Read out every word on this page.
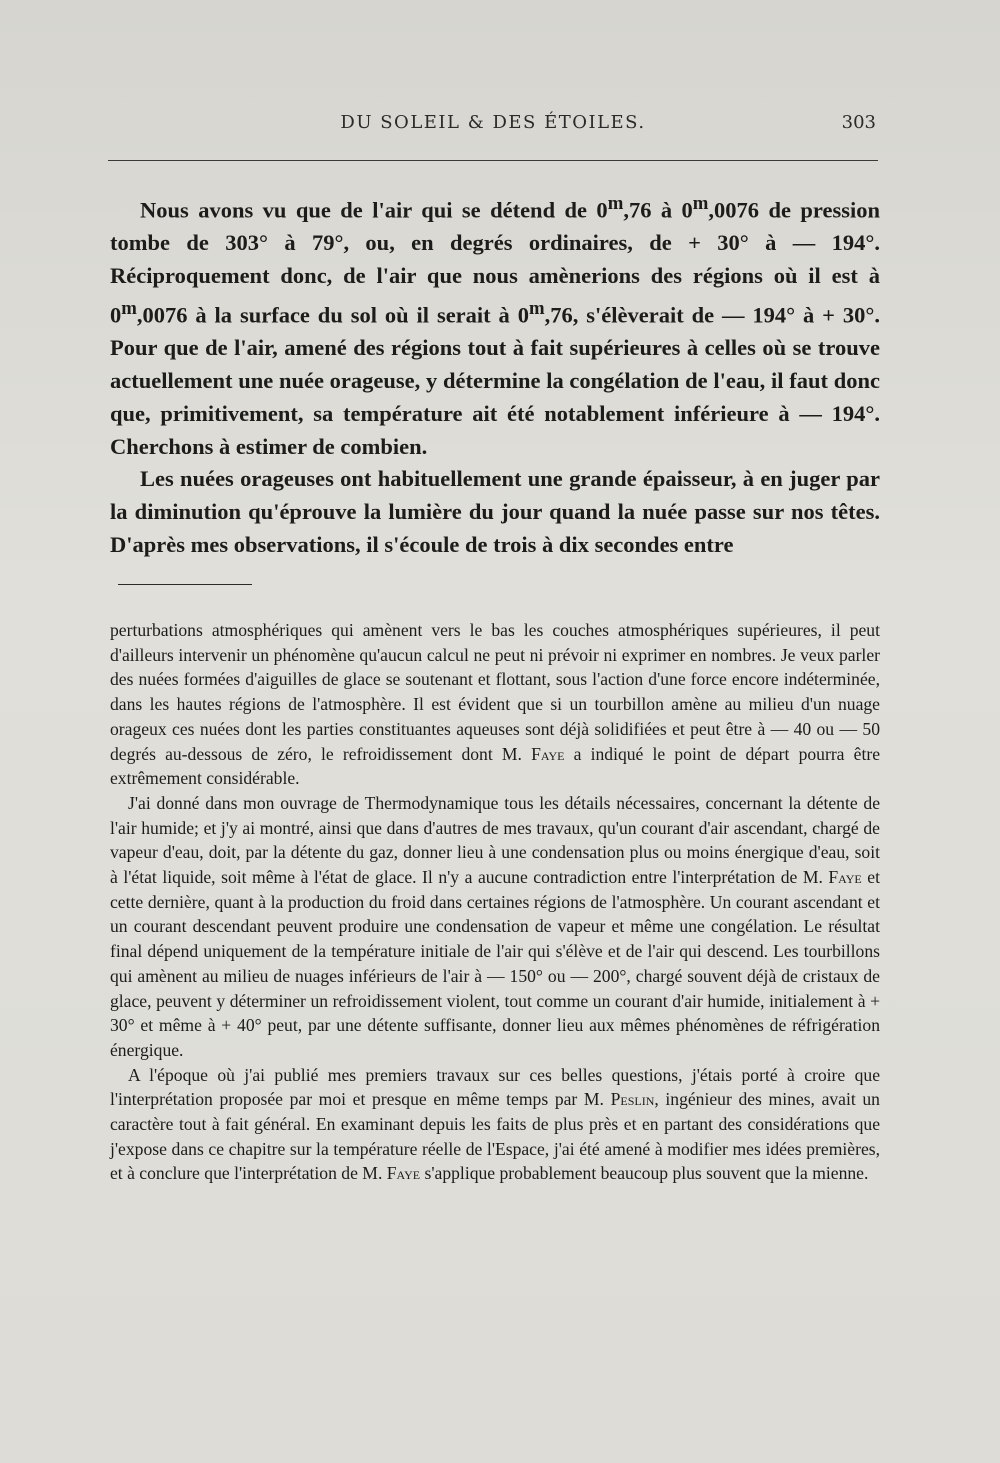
DU SOLEIL & DES ÉTOILES.	303

Nous avons vu que de l'air qui se détend de 0$^m$,76 à 0$^m$,0076 de pression tombe de 303° à 79°, ou, en degrés ordinaires, de + 30° à — 194°. Réciproquement donc, de l'air que nous amènerions des régions où il est à 0$^m$,0076 à la surface du sol où il serait à 0$^m$,76, s'élèverait de — 194° à + 30°. Pour que de l'air, amené des régions tout à fait supérieures à celles où se trouve actuellement une nuée orageuse, y détermine la congélation de l'eau, il faut donc que, primitivement, sa température ait été notablement inférieure à — 194°. Cherchons à estimer de combien.

Les nuées orageuses ont habituellement une grande épaisseur, à en juger par la diminution qu'éprouve la lumière du jour quand la nuée passe sur nos têtes. D'après mes observations, il s'écoule de trois à dix secondes entre

perturbations atmosphériques qui amènent vers le bas les couches atmosphériques supérieures, il peut d'ailleurs intervenir un phénomène qu'aucun calcul ne peut ni prévoir ni exprimer en nombres. Je veux parler des nuées formées d'aiguilles de glace se soutenant et flottant, sous l'action d'une force encore indéterminée, dans les hautes régions de l'atmosphère. Il est évident que si un tourbillon amène au milieu d'un nuage orageux ces nuées dont les parties constituantes aqueuses sont déjà solidifiées et peut être à — 40 ou — 50 degrés au-dessous de zéro, le refroidissement dont M. Faye a indiqué le point de départ pourra être extrêmement considérable.

J'ai donné dans mon ouvrage de Thermodynamique tous les détails nécessaires, concernant la détente de l'air humide; et j'y ai montré, ainsi que dans d'autres de mes travaux, qu'un courant d'air ascendant, chargé de vapeur d'eau, doit, par la détente du gaz, donner lieu à une condensation plus ou moins énergique d'eau, soit à l'état liquide, soit même à l'état de glace. Il n'y a aucune contradiction entre l'interprétation de M. Faye et cette dernière, quant à la production du froid dans certaines régions de l'atmosphère. Un courant ascendant et un courant descendant peuvent produire une condensation de vapeur et même une congélation. Le résultat final dépend uniquement de la température initiale de l'air qui s'élève et de l'air qui descend. Les tourbillons qui amènent au milieu de nuages inférieurs de l'air à — 150° ou — 200°, chargé souvent déjà de cristaux de glace, peuvent y déterminer un refroidissement violent, tout comme un courant d'air humide, initialement à + 30° et même à + 40° peut, par une détente suffisante, donner lieu aux mêmes phénomènes de réfrigération énergique.

A l'époque où j'ai publié mes premiers travaux sur ces belles questions, j'étais porté à croire que l'interprétation proposée par moi et presque en même temps par M. Peslin, ingénieur des mines, avait un caractère tout à fait général. En examinant depuis les faits de plus près et en partant des considérations que j'expose dans ce chapitre sur la température réelle de l'Espace, j'ai été amené à modifier mes idées premières, et à conclure que l'interprétation de M. Faye s'applique probablement beaucoup plus souvent que la mienne.
